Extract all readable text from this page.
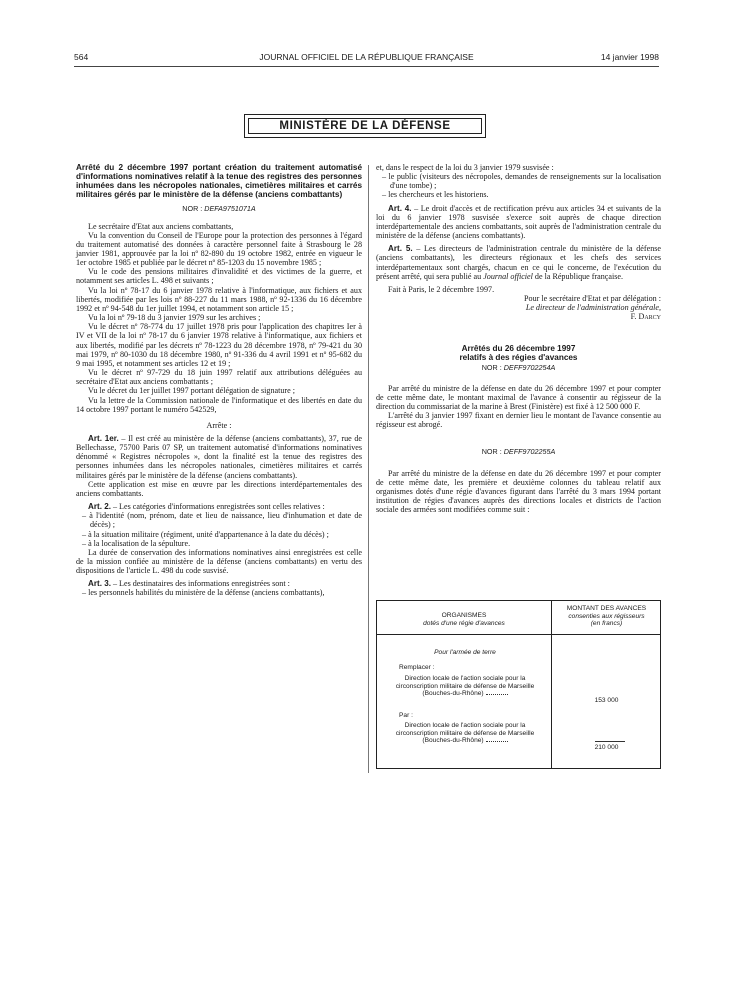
564	JOURNAL OFFICIEL DE LA RÉPUBLIQUE FRANÇAISE	14 janvier 1998
MINISTÈRE DE LA DÉFENSE

Arrêté du 2 décembre 1997 portant création du traitement automatisé d'informations nominatives relatif à la tenue des registres des personnes inhumées dans les nécropoles nationales, cimetières militaires et carrés militaires gérés par le ministère de la défense (anciens combattants)

NOR : DEFA9751071A

Le secrétaire d'Etat aux anciens combattants,

Vu la convention du Conseil de l'Europe pour la protection des personnes à l'égard du traitement automatisé des données à caractère personnel faite à Strasbourg le 28 janvier 1981, approuvée par la loi nº 82-890 du 19 octobre 1982, entrée en vigueur le 1er octobre 1985 et publiée par le décret nº 85-1203 du 15 novembre 1985 ;

Vu le code des pensions militaires d'invalidité et des victimes de la guerre, et notamment ses articles L. 498 et suivants ;

Vu la loi nº 78-17 du 6 janvier 1978 relative à l'informatique, aux fichiers et aux libertés, modifiée par les lois nº 88-227 du 11 mars 1988, nº 92-1336 du 16 décembre 1992 et nº 94-548 du 1er juillet 1994, et notamment son article 15 ;

Vu la loi nº 79-18 du 3 janvier 1979 sur les archives ;

Vu le décret nº 78-774 du 17 juillet 1978 pris pour l'application des chapitres Ier à IV et VII de la loi nº 78-17 du 6 janvier 1978 relative à l'informatique, aux fichiers et aux libertés, modifié par les décrets nº 78-1223 du 28 décembre 1978, nº 79-421 du 30 mai 1979, nº 80-1030 du 18 décembre 1980, nº 91-336 du 4 avril 1991 et nº 95-682 du 9 mai 1995, et notamment ses articles 12 et 19 ;

Vu le décret nº 97-729 du 18 juin 1997 relatif aux attributions déléguées au secrétaire d'Etat aux anciens combattants ;

Vu le décret du 1er juillet 1997 portant délégation de signature ;

Vu la lettre de la Commission nationale de l'informatique et des libertés en date du 14 octobre 1997 portant le numéro 542529,

Arrête :

Art. 1er. – Il est créé au ministère de la défense (anciens combattants), 37, rue de Bellechasse, 75700 Paris 07 SP, un traitement automatisé d'informations nominatives dénommé « Registres nécropoles », dont la finalité est la tenue des registres des personnes inhumées dans les nécropoles nationales, cimetières militaires et carrés militaires gérés par le ministère de la défense (anciens combattants).

Cette application est mise en œuvre par les directions interdépartementales des anciens combattants.

Art. 2. – Les catégories d'informations enregistrées sont celles relatives :

– à l'identité (nom, prénom, date et lieu de naissance, lieu d'inhumation et date de décès) ;

– à la situation militaire (régiment, unité d'appartenance à la date du décès) ;

– à la localisation de la sépulture.

La durée de conservation des informations nominatives ainsi enregistrées est celle de la mission confiée au ministère de la défense (anciens combattants) en vertu des dispositions de l'article L. 498 du code susvisé.

Art. 3. – Les destinataires des informations enregistrées sont :

– les personnels habilités du ministère de la défense (anciens combattants),

et, dans le respect de la loi du 3 janvier 1979 susvisée :

– le public (visiteurs des nécropoles, demandes de renseignements sur la localisation d'une tombe) ;

– les chercheurs et les historiens.

Art. 4. – Le droit d'accès et de rectification prévu aux articles 34 et suivants de la loi du 6 janvier 1978 susvisée s'exerce soit auprès de chaque direction interdépartementale des anciens combattants, soit auprès de l'administration centrale du ministère de la défense (anciens combattants).

Art. 5. – Les directeurs de l'administration centrale du ministère de la défense (anciens combattants), les directeurs régionaux et les chefs des services interdépartementaux sont chargés, chacun en ce qui le concerne, de l'exécution du présent arrêté, qui sera publié au Journal officiel de la République française.

Fait à Paris, le 2 décembre 1997.

Pour le secrétaire d'Etat et par délégation :

Le directeur de l'administration générale,

F. Darcy

Arrêtés du 26 décembre 1997
relatifs à des régies d'avances

NOR : DEFF9702254A

Par arrêté du ministre de la défense en date du 26 décembre 1997 et pour compter de cette même date, le montant maximal de l'avance à consentir au régisseur de la direction du commissariat de la marine à Brest (Finistère) est fixé à 12 500 000 F.

L'arrêté du 3 janvier 1997 fixant en dernier lieu le montant de l'avance consentie au régisseur est abrogé.

NOR : DEFF9702255A

Par arrêté du ministre de la défense en date du 26 décembre 1997 et pour compter de cette même date, les première et deuxième colonnes du tableau relatif aux organismes dotés d'une régie d'avances figurant dans l'arrêté du 3 mars 1994 portant institution de régies d'avances auprès des directions locales et districts de l'action sociale des armées sont modifiées comme suit :

ORGANISMES
dotés d'une régie d'avances
MONTANT DES AVANCES
consenties aux régisseurs
(en francs)
Pour l'armée de terre
Remplacer :
Direction locale de l'action sociale pour la circonscription militaire de défense de Marseille (Bouches-du-Rhône)
153 000
Par :
Direction locale de l'action sociale pour la circonscription militaire de défense de Marseille (Bouches-du-Rhône)
210 000
